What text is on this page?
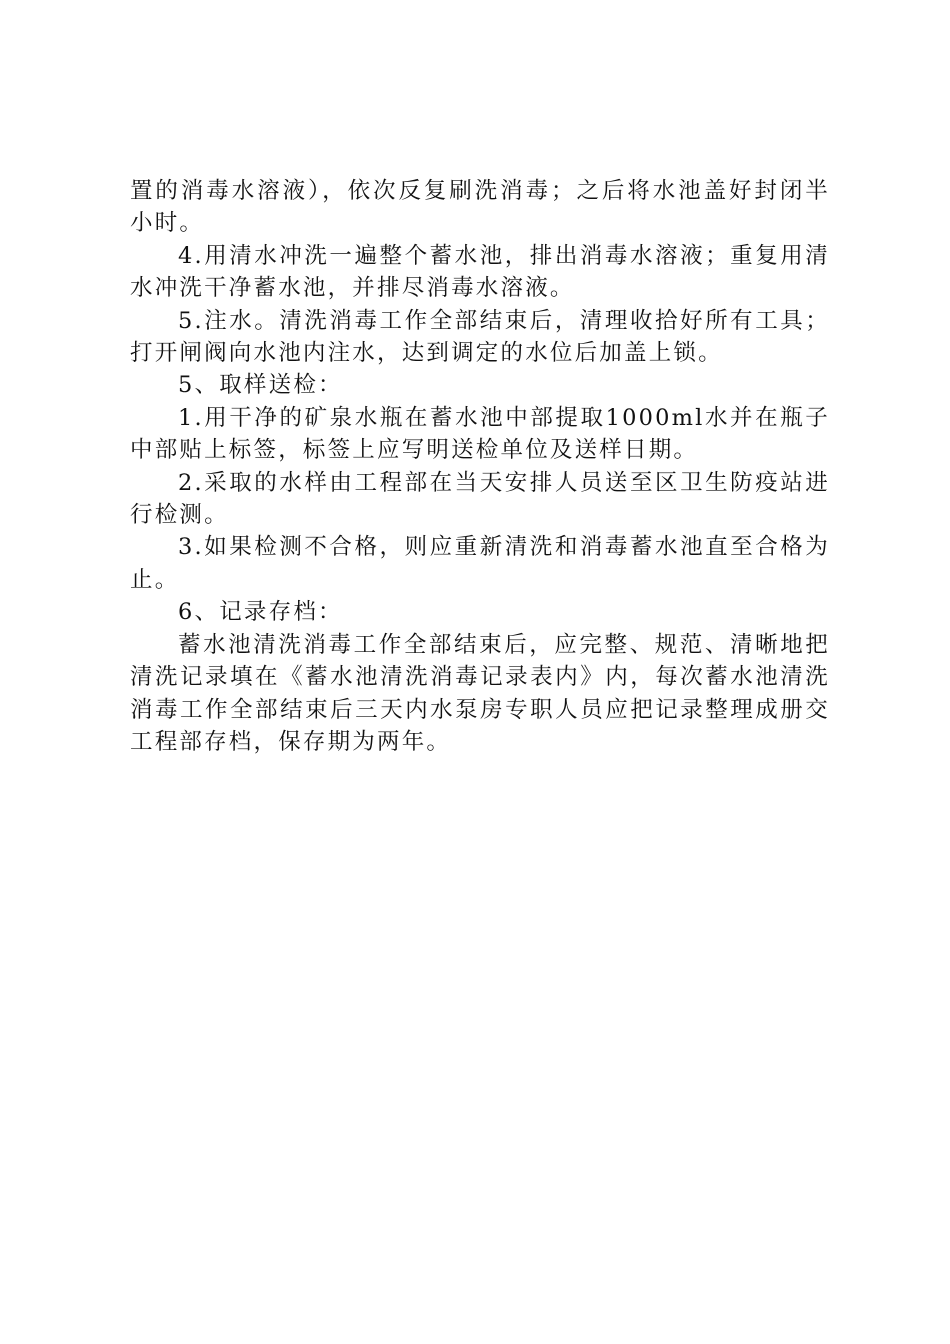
置的消毒水溶液），依次反复刷洗消毒；之后将水池盖好封闭半小时。

4.用清水冲洗一遍整个蓄水池，排出消毒水溶液；重复用清水冲洗干净蓄水池，并排尽消毒水溶液。

5.注水。清洗消毒工作全部结束后，清理收拾好所有工具；打开闸阀向水池内注水，达到调定的水位后加盖上锁。

5、取样送检：

1.用干净的矿泉水瓶在蓄水池中部提取1000ml水并在瓶子中部贴上标签，标签上应写明送检单位及送样日期。

2.采取的水样由工程部在当天安排人员送至区卫生防疫站进行检测。

3.如果检测不合格，则应重新清洗和消毒蓄水池直至合格为止。

6、记录存档：

蓄水池清洗消毒工作全部结束后，应完整、规范、清晰地把清洗记录填在《蓄水池清洗消毒记录表内》内，每次蓄水池清洗消毒工作全部结束后三天内水泵房专职人员应把记录整理成册交工程部存档，保存期为两年。
